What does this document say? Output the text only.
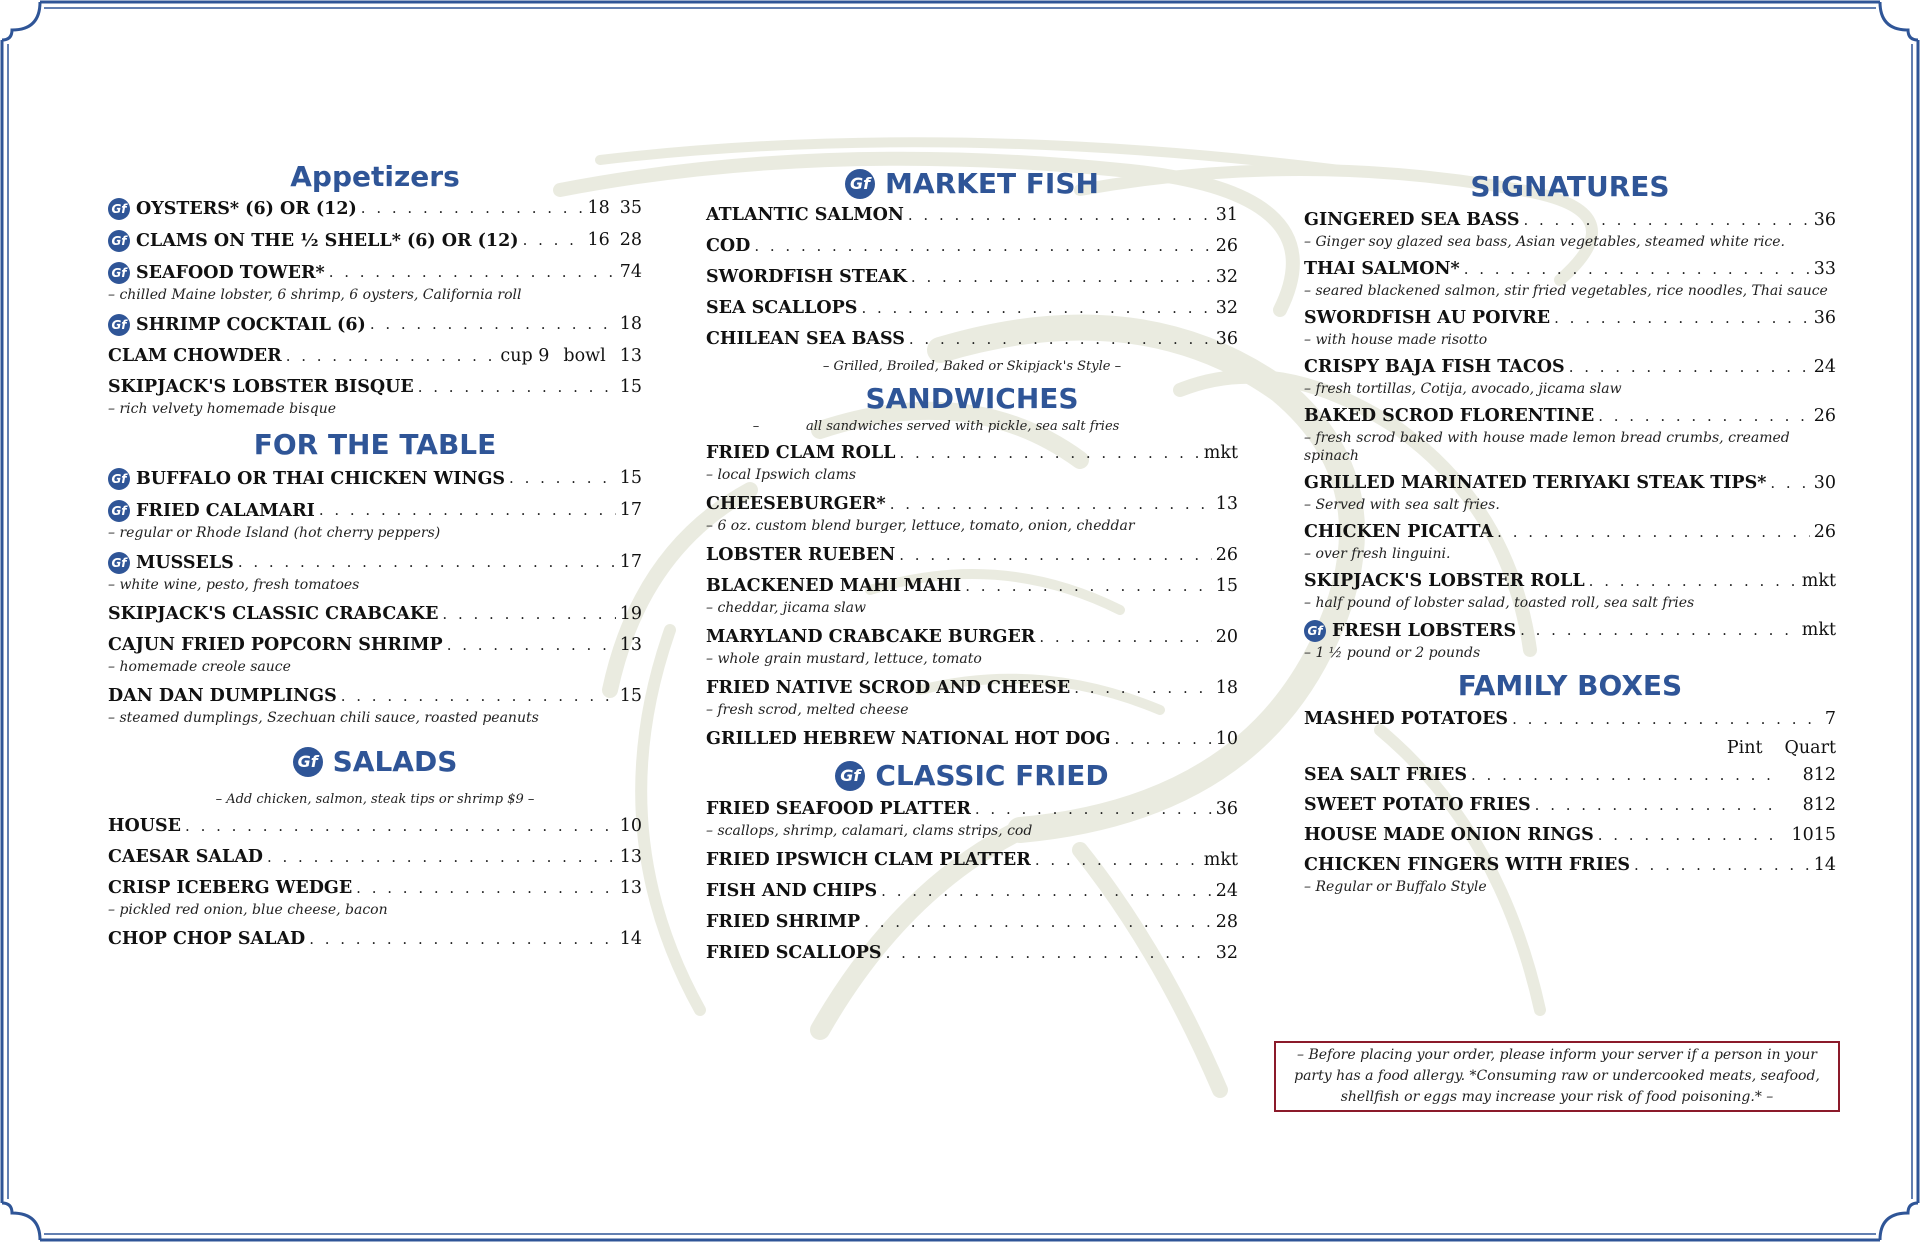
Appetizers
Gf OYSTERS* (6) OR (12) . . .	18 35
Gf CLAMS ON THE ½ SHELL* (6) OR (12) . . .	16 28
Gf SEAFOOD TOWER* . . .	74
– chilled Maine lobster, 6 shrimp, 6 oysters, California roll
Gf SHRIMP COCKTAIL (6) . . .	18
CLAM CHOWDER . . .	cup 9 bowl 13
SKIPJACK'S LOBSTER BISQUE . . .	15
– rich velvety homemade bisque
FOR THE TABLE
Gf BUFFALO OR THAI CHICKEN WINGS . . .	15
Gf FRIED CALAMARI . . .	17
– regular or Rhode Island (hot cherry peppers)
Gf MUSSELS . . .	17
– white wine, pesto, fresh tomatoes
SKIPJACK'S CLASSIC CRABCAKE . . .	19
CAJUN FRIED POPCORN SHRIMP . . .	13
– homemade creole sauce
DAN DAN DUMPLINGS . . .	15
– steamed dumplings, Szechuan chili sauce, roasted peanuts
Gf SALADS
– Add chicken, salmon, steak tips or shrimp $9 –
HOUSE . . .	10
CAESAR SALAD . . .	13
CRISP ICEBERG WEDGE . . .	13
– pickled red onion, blue cheese, bacon
CHOP CHOP SALAD . . .	14
Gf MARKET FISH
ATLANTIC SALMON . . .	31
COD . . .	26
SWORDFISH STEAK . . .	32
SEA SCALLOPS . . .	32
CHILEAN SEA BASS . . .	36
– Grilled, Broiled, Baked or Skipjack's Style –
SANDWICHES
–	all sandwiches served with pickle, sea salt fries
FRIED CLAM ROLL . . .	mkt
– local Ipswich clams
CHEESEBURGER* . . .	13
– 6 oz. custom blend burger, lettuce, tomato, onion, cheddar
LOBSTER RUEBEN . . .	26
BLACKENED MAHI MAHI . . .	15
– cheddar, jicama slaw
MARYLAND CRABCAKE BURGER . . .	20
– whole grain mustard, lettuce, tomato
FRIED NATIVE SCROD AND CHEESE . . .	18
– fresh scrod, melted cheese
GRILLED HEBREW NATIONAL HOT DOG . . .	10
Gf CLASSIC FRIED
FRIED SEAFOOD PLATTER . . .	36
– scallops, shrimp, calamari, clams strips, cod
FRIED IPSWICH CLAM PLATTER . . .	mkt
FISH AND CHIPS . . .	24
FRIED SHRIMP . . .	28
FRIED SCALLOPS . . .	32
SIGNATURES
GINGERED SEA BASS . . .	36
– Ginger soy glazed sea bass, Asian vegetables, steamed white rice.
THAI SALMON* . . .	33
– seared blackened salmon, stir fried vegetables, rice noodles, Thai sauce
SWORDFISH AU POIVRE . . .	36
– with house made risotto
CRISPY BAJA FISH TACOS . . .	24
– fresh tortillas, Cotija, avocado, jicama slaw
BAKED SCROD FLORENTINE . . .	26
– fresh scrod baked with house made lemon bread crumbs, creamed spinach
GRILLED MARINATED TERIYAKI STEAK TIPS* . . .	30
– Served with sea salt fries.
CHICKEN PICATTA . . .	26
– over fresh linguini.
SKIPJACK'S LOBSTER ROLL . . .	mkt
– half pound of lobster salad, toasted roll, sea salt fries
Gf FRESH LOBSTERS . . .	mkt
– 1 ½ pound or 2 pounds
FAMILY BOXES
MASHED POTATOES . . .	7
Pint Quart
SEA SALT FRIES . . .	8 12
SWEET POTATO FRIES . . .	8 12
HOUSE MADE ONION RINGS . . .	10 15
CHICKEN FINGERS WITH FRIES . . .	14
– Regular or Buffalo Style
– Before placing your order, please inform your server if a person in your party has a food allergy. *Consuming raw or undercooked meats, seafood, shellfish or eggs may increase your risk of food poisoning.* –
